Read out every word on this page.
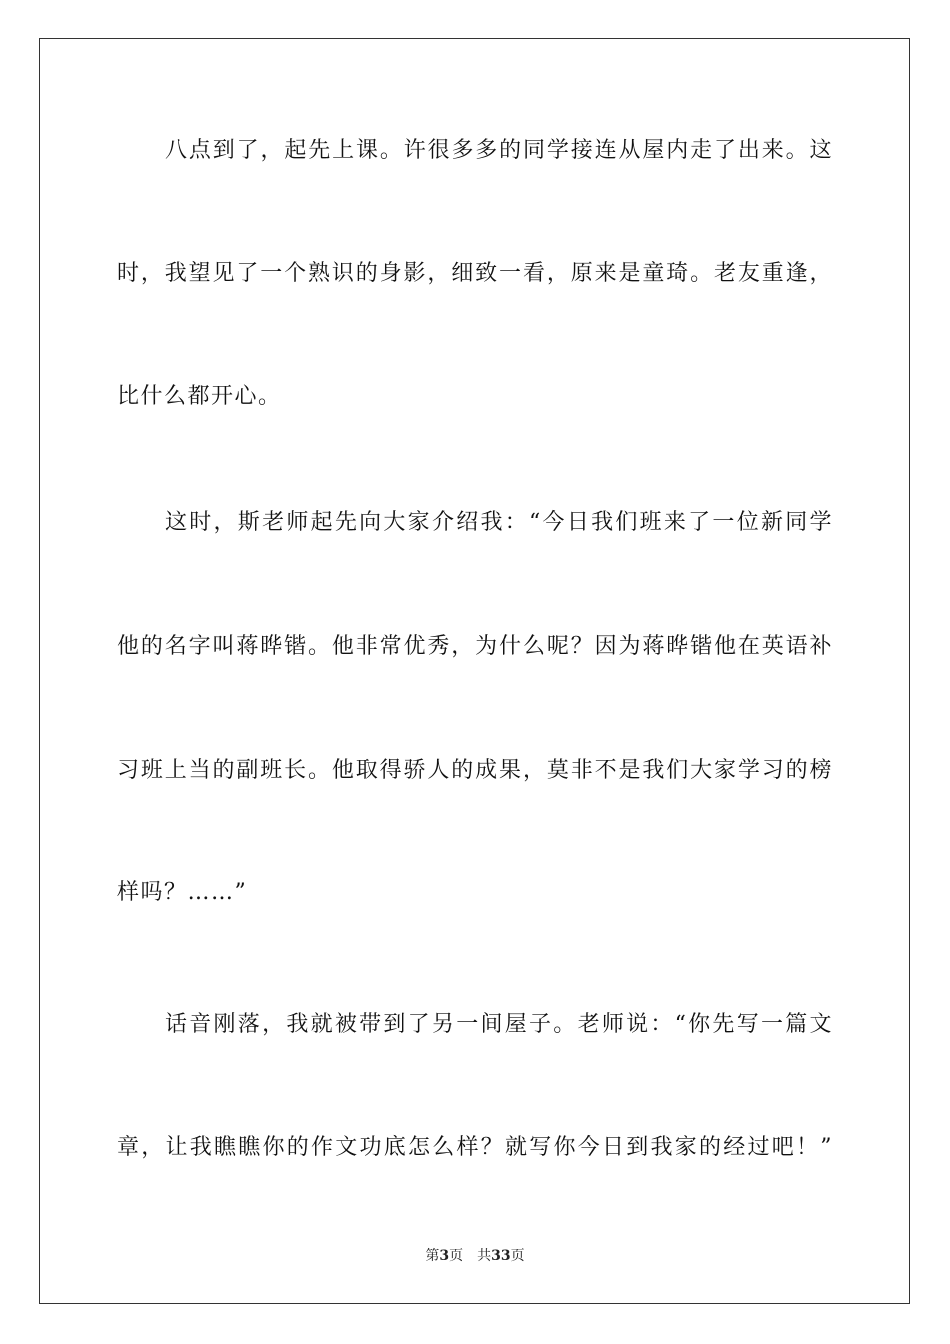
八点到了，起先上课。许很多多的同学接连从屋内走了出来。这
时，我望见了一个熟识的身影，细致一看，原来是童琦。老友重逢，
比什么都开心。
这时，斯老师起先向大家介绍我：“今日我们班来了一位新同学
他的名字叫蒋晔锴。他非常优秀，为什么呢？因为蒋晔锴他在英语补
习班上当的副班长。他取得骄人的成果，莫非不是我们大家学习的榜
样吗？……”
话音刚落，我就被带到了另一间屋子。老师说：“你先写一篇文
章，让我瞧瞧你的作文功底怎么样？就写你今日到我家的经过吧！”
第3页 共33页
